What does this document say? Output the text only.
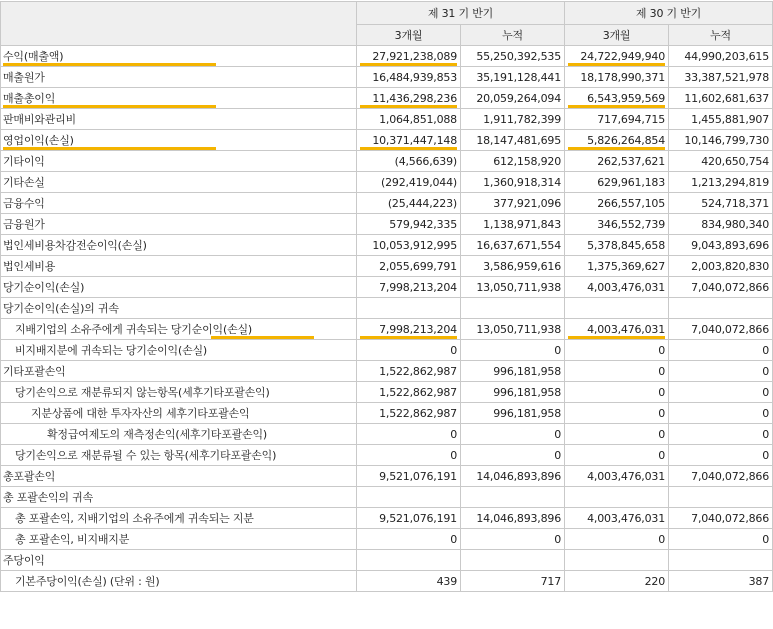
	제 31 기 반기		제 30 기 반기	
	3개월	누적	3개월	누적
수익(매출액)	27,921,238,089	55,250,392,535	24,722,949,940	44,990,203,615
매출원가	16,484,939,853	35,191,128,441	18,178,990,371	33,387,521,978
매출총이익	11,436,298,236	20,059,264,094	6,543,959,569	11,602,681,637
판매비와관리비	1,064,851,088	1,911,782,399	717,694,715	1,455,881,907
영업이익(손실)	10,371,447,148	18,147,481,695	5,826,264,854	10,146,799,730
기타이익	(4,566,639)	612,158,920	262,537,621	420,650,754
기타손실	(292,419,044)	1,360,918,314	629,961,183	1,213,294,819
금융수익	(25,444,223)	377,921,096	266,557,105	524,718,371
금융원가	579,942,335	1,138,971,843	346,552,739	834,980,340
법인세비용차감전순이익(손실)	10,053,912,995	16,637,671,554	5,378,845,658	9,043,893,696
법인세비용	2,055,699,791	3,586,959,616	1,375,369,627	2,003,820,830
당기순이익(손실)	7,998,213,204	13,050,711,938	4,003,476,031	7,040,072,866
당기순이익(손실)의 귀속				
지배기업의 소유주에게 귀속되는 당기순이익(손실)	7,998,213,204	13,050,711,938	4,003,476,031	7,040,072,866
비지배지분에 귀속되는 당기순이익(손실)	0	0	0	0
기타포괄손익	1,522,862,987	996,181,958	0	0
당기손익으로 재분류되지 않는항목(세후기타포괄손익)	1,522,862,987	996,181,958	0	0
지분상품에 대한 투자자산의 세후기타포괄손익	1,522,862,987	996,181,958	0	0
확정급여제도의 재측정손익(세후기타포괄손익)	0	0	0	0
당기손익으로 재분류될 수 있는 항목(세후기타포괄손익)	0	0	0	0
총포괄손익	9,521,076,191	14,046,893,896	4,003,476,031	7,040,072,866
총 포괄손익의 귀속				
총 포괄손익, 지배기업의 소유주에게 귀속되는 지분	9,521,076,191	14,046,893,896	4,003,476,031	7,040,072,866
총 포괄손익, 비지배지분	0	0	0	0
주당이익				
기본주당이익(손실) (단위 : 원)	439	717	220	387
